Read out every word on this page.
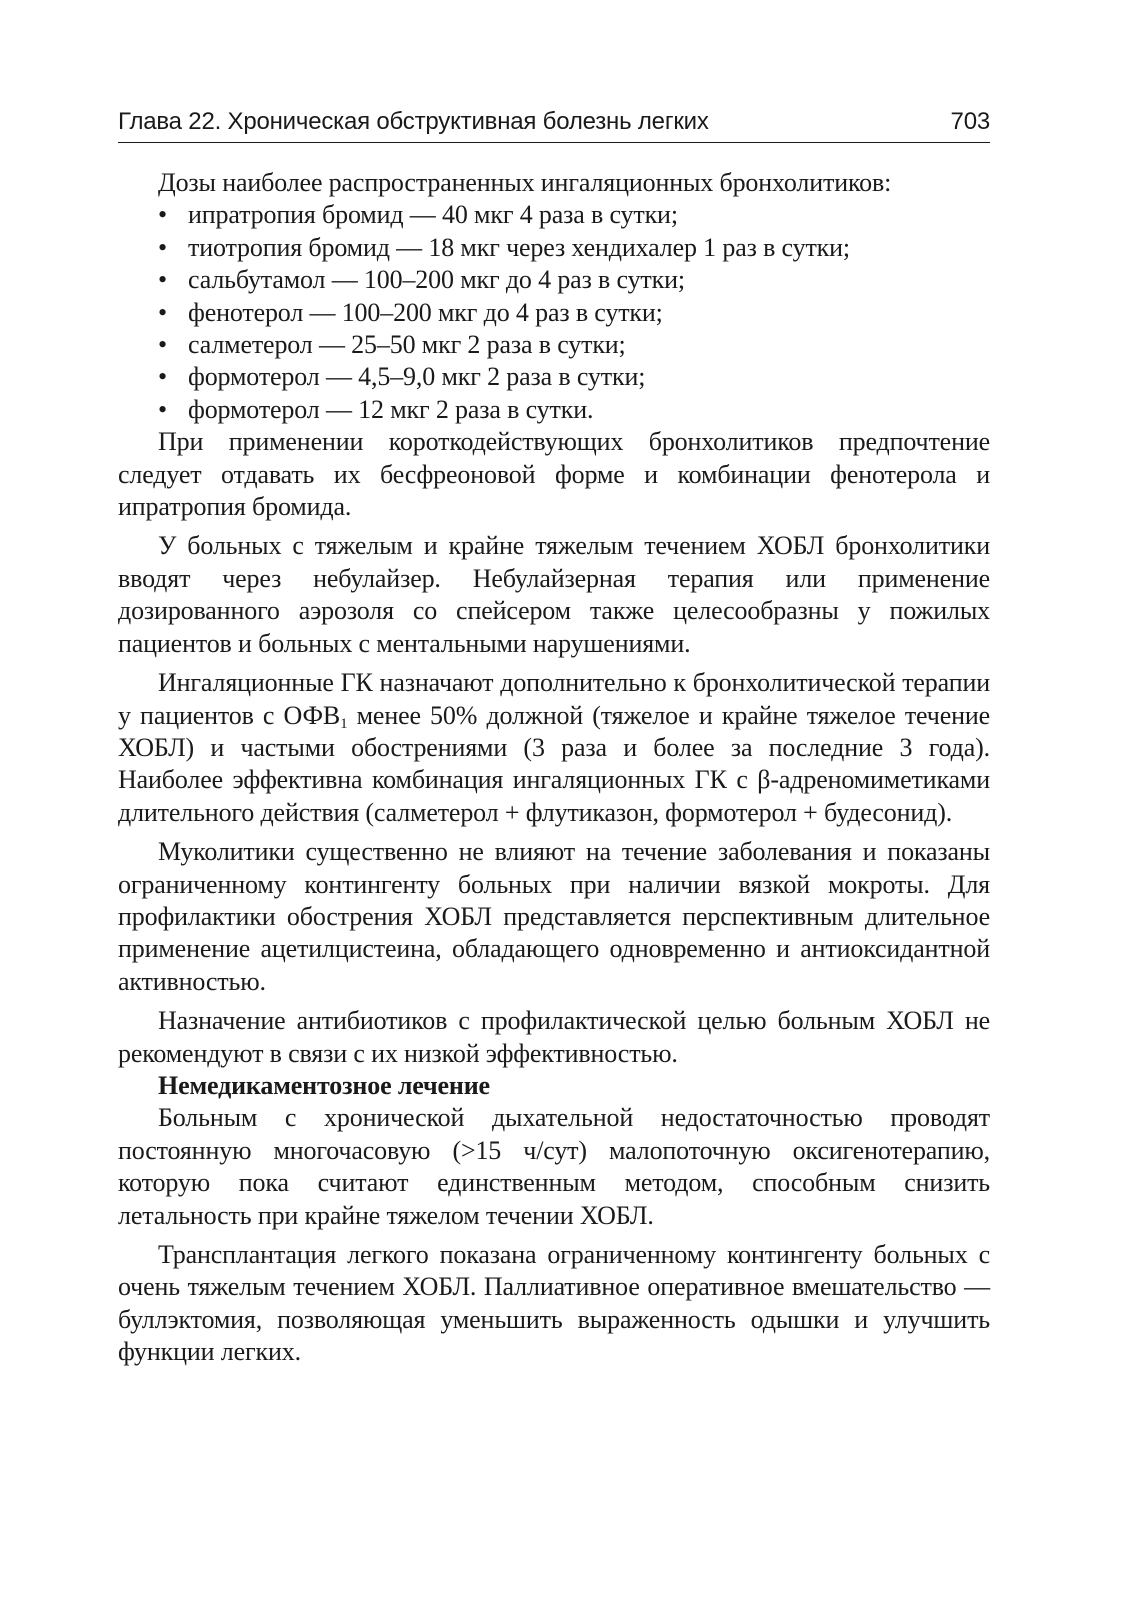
Глава 22. Хроническая обструктивная болезнь легких	703

Дозы наиболее распространенных ингаляционных бронхолитиков:

• ипратропия бромид — 40 мкг 4 раза в сутки;
• тиотропия бромид — 18 мкг через хендихалер 1 раз в сутки;
• сальбутамол — 100–200 мкг до 4 раз в сутки;
• фенотерол — 100–200 мкг до 4 раз в сутки;
• салметерол — 25–50 мкг 2 раза в сутки;
• формотерол — 4,5–9,0 мкг 2 раза в сутки;
• формотерол — 12 мкг 2 раза в сутки.

При применении короткодействующих бронхолитиков предпочтение следует отдавать их бесфреоновой форме и комбинации фенотерола и ипратропия бромида.

У больных с тяжелым и крайне тяжелым течением ХОБЛ бронхолитики вводят через небулайзер. Небулайзерная терапия или применение дозированного аэрозоля со спейсером также целесообразны у пожилых пациентов и больных с ментальными нарушениями.

Ингаляционные ГК назначают дополнительно к бронхолитической терапии у пациентов с $ОФВ_1$ менее 50% должной (тяжелое и крайне тяжелое течение ХОБЛ) и частыми обострениями (3 раза и более за последние 3 года). Наиболее эффективна комбинация ингаляционных ГК с β-адреномиметиками длительного действия (салметерол + флутиказон, формотерол + будесонид).

Муколитики существенно не влияют на течение заболевания и показаны ограниченному контингенту больных при наличии вязкой мокроты. Для профилактики обострения ХОБЛ представляется перспективным длительное применение ацетилцистеина, обладающего одновременно и антиоксидантной активностью.

Назначение антибиотиков с профилактической целью больным ХОБЛ не рекомендуют в связи с их низкой эффективностью.

Немедикаментозное лечение

Больным с хронической дыхательной недостаточностью проводят постоянную многочасовую (>15 ч/сут) малопоточную оксигенотерапию, которую пока считают единственным методом, способным снизить летальность при крайне тяжелом течении ХОБЛ.

Трансплантация легкого показана ограниченному контингенту больных с очень тяжелым течением ХОБЛ. Паллиативное оперативное вмешательство — буллэктомия, позволяющая уменьшить выраженность одышки и улучшить функции легких.
